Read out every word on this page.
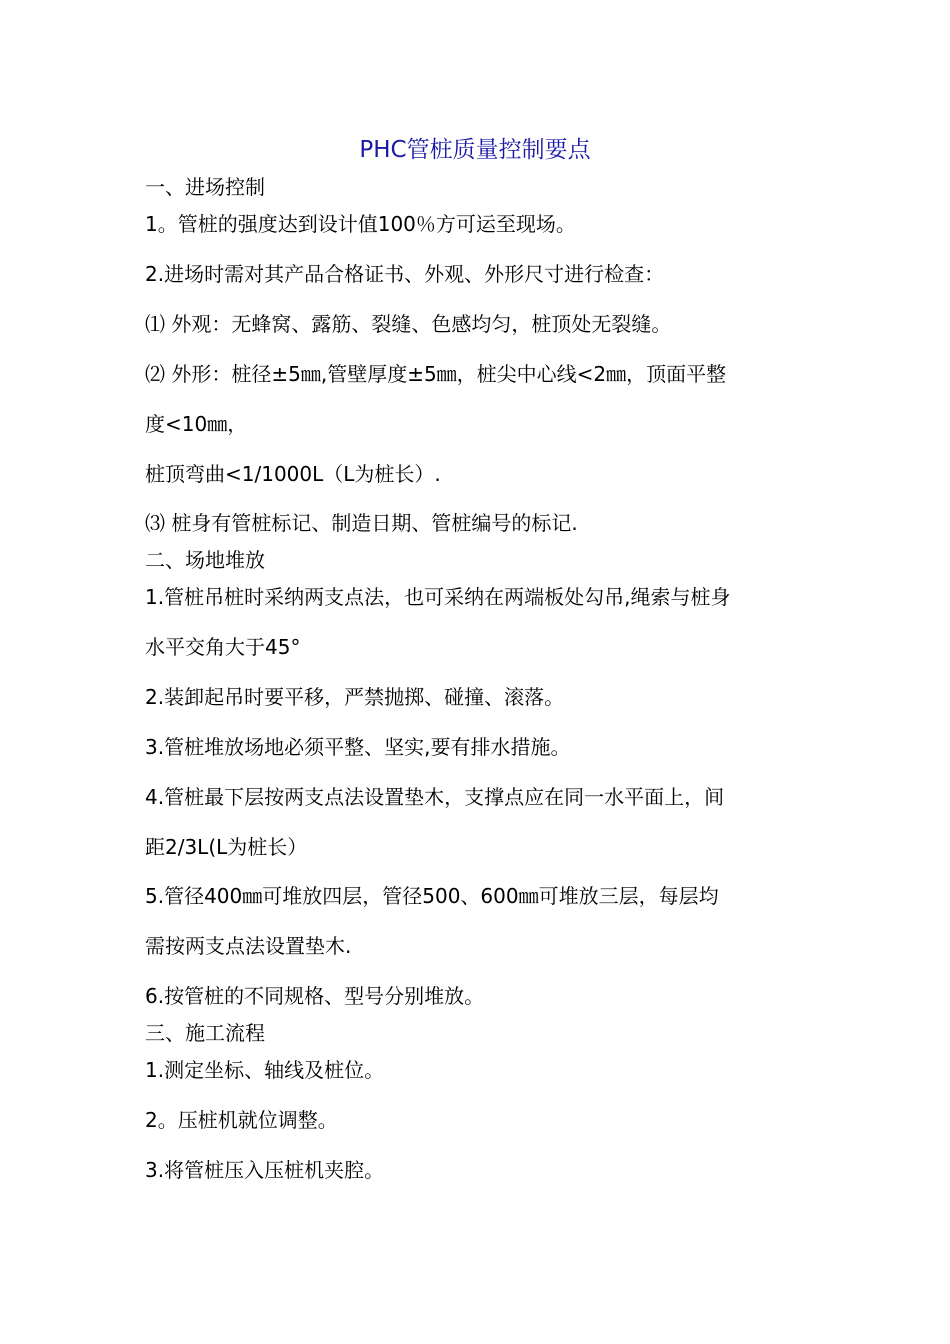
PHC管桩质量控制要点
一、进场控制
1。管桩的强度达到设计值100％方可运至现场。
2.进场时需对其产品合格证书、外观、外形尺寸进行检查：
⑴ 外观：无蜂窝、露筋、裂缝、色感均匀，桩顶处无裂缝。
⑵ 外形：桩径±5㎜,管壁厚度±5㎜，桩尖中心线<2㎜，顶面平整
度<10㎜，
桩顶弯曲<1/1000L（L为桩长）.
⑶ 桩身有管桩标记、制造日期、管桩编号的标记.
二、场地堆放
1.管桩吊桩时采纳两支点法，也可采纳在两端板处勾吊,绳索与桩身
水平交角大于45°
2.装卸起吊时要平移，严禁抛掷、碰撞、滚落。
3.管桩堆放场地必须平整、坚实,要有排水措施。
4.管桩最下层按两支点法设置垫木，支撑点应在同一水平面上，间
距2/3L(L为桩长）
5.管径400㎜可堆放四层，管径500、600㎜可堆放三层，每层均
需按两支点法设置垫木.
6.按管桩的不同规格、型号分别堆放。
三、施工流程
1.测定坐标、轴线及桩位。
2。压桩机就位调整。
3.将管桩压入压桩机夹腔。
